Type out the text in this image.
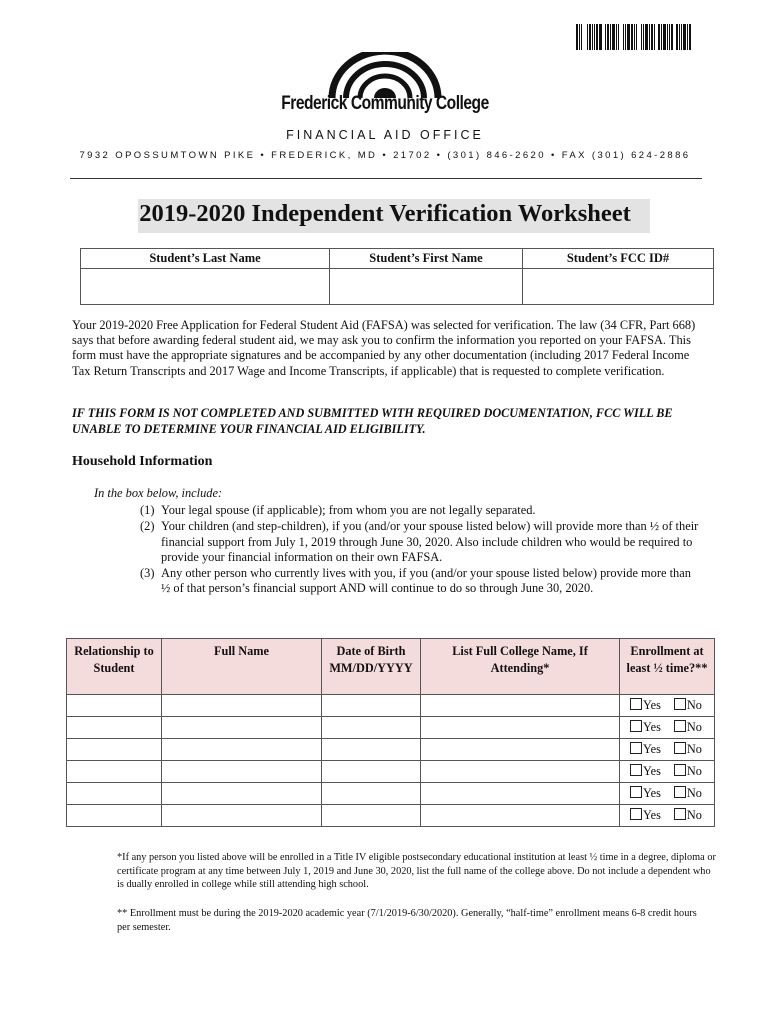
Frederick Community College
FINANCIAL AID OFFICE
7932 OPOSSUMTOWN PIKE • FREDERICK, MD • 21702 • (301) 846-2620 • FAX (301) 624-2886
2019-2020 Independent Verification Worksheet
Student’s Last Name	Student’s First Name	Student’s FCC ID#

Your 2019-2020 Free Application for Federal Student Aid (FAFSA) was selected for verification. The law (34 CFR, Part 668) says that before awarding federal student aid, we may ask you to confirm the information you reported on your FAFSA. This form must have the appropriate signatures and be accompanied by any other documentation (including 2017 Federal Income Tax Return Transcripts and 2017 Wage and Income Transcripts, if applicable) that is requested to complete verification.
IF THIS FORM IS NOT COMPLETED AND SUBMITTED WITH REQUIRED DOCUMENTATION, FCC WILL BE UNABLE TO DETERMINE YOUR FINANCIAL AID ELIGIBILITY.
Household Information
In the box below, include:
(1) Your legal spouse (if applicable); from whom you are not legally separated.
(2) Your children (and step-children), if you (and/or your spouse listed below) will provide more than ½ of their financial support from July 1, 2019 through June 30, 2020. Also include children who would be required to provide your financial information on their own FAFSA.
(3) Any other person who currently lives with you, if you (and/or your spouse listed below) provide more than ½ of that person’s financial support AND will continue to do so through June 30, 2020.
Relationship to Student	Full Name	Date of Birth MM/DD/YYYY	List Full College Name, If Attending*	Enrollment at least ½ time?**
				Yes No
				Yes No
				Yes No
				Yes No
				Yes No
				Yes No
*If any person you listed above will be enrolled in a Title IV eligible postsecondary educational institution at least ½ time in a degree, diploma or certificate program at any time between July 1, 2019 and June 30, 2020, list the full name of the college above. Do not include a dependent who is dually enrolled in college while still attending high school.
** Enrollment must be during the 2019-2020 academic year (7/1/2019-6/30/2020). Generally, “half-time” enrollment means 6-8 credit hours per semester.
